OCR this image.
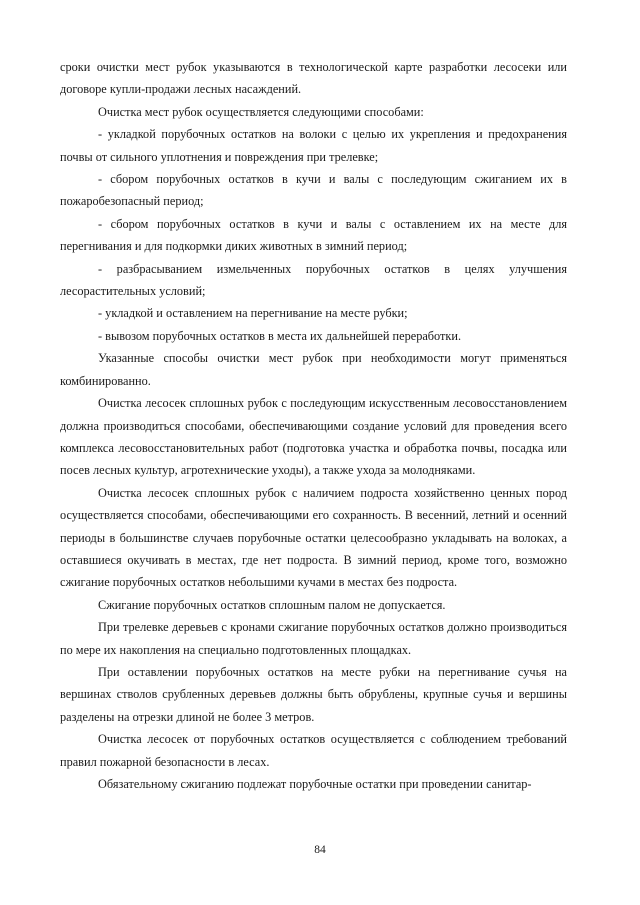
сроки очистки мест рубок указываются в технологической карте разработки лесосеки или договоре купли-продажи лесных насаждений.

Очистка мест рубок осуществляется следующими способами:

- укладкой порубочных остатков на волоки с целью их укрепления и предохранения почвы от сильного уплотнения и повреждения при трелевке;

- сбором порубочных остатков в кучи и валы с последующим сжиганием их в пожаробезопасный период;

- сбором порубочных остатков в кучи и валы с оставлением их на месте для перегнивания и для подкормки диких животных в зимний период;

- разбрасыванием измельченных порубочных остатков в целях улучшения лесорастительных условий;

- укладкой и оставлением на перегнивание на месте рубки;

- вывозом порубочных остатков в места их дальнейшей переработки.

Указанные способы очистки мест рубок при необходимости могут применяться комбинированно.

Очистка лесосек сплошных рубок с последующим искусственным лесовосстановлением должна производиться способами, обеспечивающими создание условий для проведения всего комплекса лесовосстановительных работ (подготовка участка и обработка почвы, посадка или посев лесных культур, агротехнические уходы), а также ухода за молодняками.

Очистка лесосек сплошных рубок с наличием подроста хозяйственно ценных пород осуществляется способами, обеспечивающими его сохранность. В весенний, летний и осенний периоды в большинстве случаев порубочные остатки целесообразно укладывать на волоках, а оставшиеся окучивать в местах, где нет подроста. В зимний период, кроме того, возможно сжигание порубочных остатков небольшими кучами в местах без подроста.

Сжигание порубочных остатков сплошным палом не допускается.

При трелевке деревьев с кронами сжигание порубочных остатков должно производиться по мере их накопления на специально подготовленных площадках.

При оставлении порубочных остатков на месте рубки на перегнивание сучья на вершинах стволов срубленных деревьев должны быть обрублены, крупные сучья и вершины разделены на отрезки длиной не более 3 метров.

Очистка лесосек от порубочных остатков осуществляется с соблюдением требований правил пожарной безопасности в лесах.

Обязательному сжиганию подлежат порубочные остатки при проведении санитар-

84
